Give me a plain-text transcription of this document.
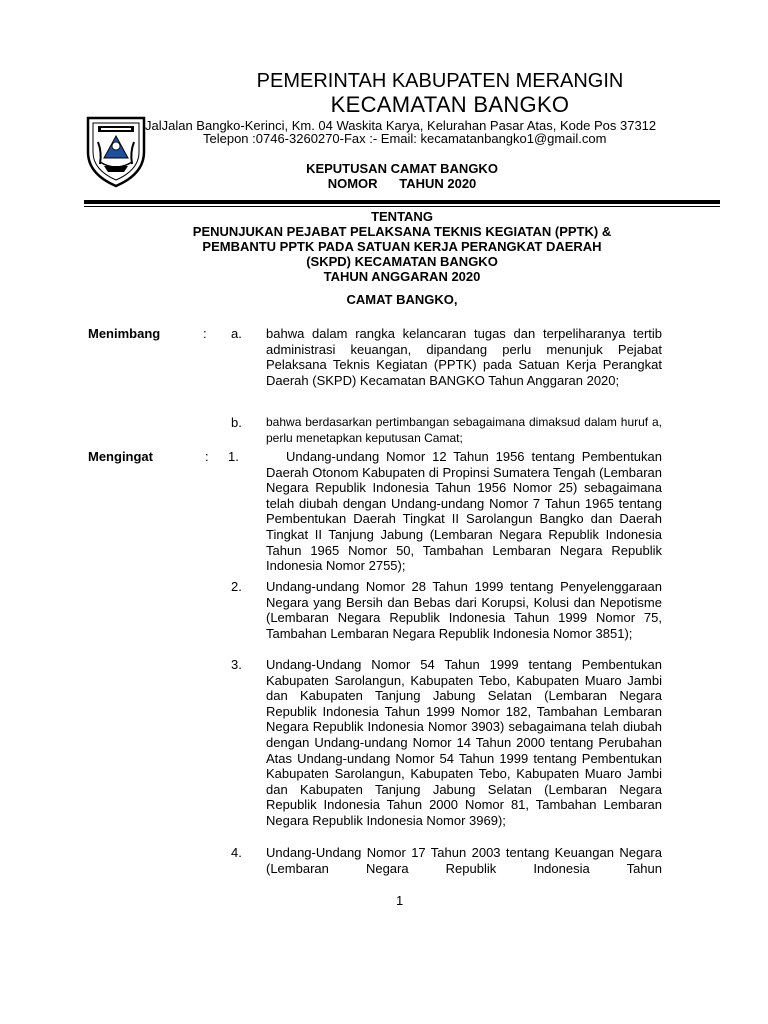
PEMERINTAH KABUPATEN MERANGIN
KECAMATAN BANGKO
JalJalan Bangko-Kerinci, Km. 04 Waskita Karya, Kelurahan Pasar Atas, Kode Pos 37312
Telepon :0746-3260270-Fax :- Email: kecamatanbangko1@gmail.com
KEPUTUSAN CAMAT BANGKO
NOMOR      TAHUN 2020
TENTANG
PENUNJUKAN PEJABAT PELAKSANA TEKNIS KEGIATAN (PPTK) &
PEMBANTU PPTK PADA SATUAN KERJA PERANGKAT DAERAH
(SKPD) KECAMATAN BANGKO
TAHUN ANGGARAN 2020
CAMAT BANGKO,
Menimbang	: a. bahwa dalam rangka kelancaran tugas dan terpeliharanya tertib administrasi keuangan, dipandang perlu menunjuk Pejabat Pelaksana Teknis Kegiatan (PPTK) pada Satuan Kerja Perangkat Daerah (SKPD) Kecamatan BANGKO Tahun Anggaran 2020;
b. bahwa berdasarkan pertimbangan sebagaimana dimaksud dalam huruf a, perlu menetapkan keputusan Camat;
Mengingat	: 1.	Undang-undang Nomor 12 Tahun 1956 tentang Pembentukan Daerah Otonom Kabupaten di Propinsi Sumatera Tengah (Lembaran Negara Republik Indonesia Tahun 1956 Nomor 25) sebagaimana telah diubah dengan Undang-undang Nomor 7 Tahun 1965 tentang Pembentukan Daerah Tingkat II Sarolangun Bangko dan Daerah Tingkat II Tanjung Jabung (Lembaran Negara Republik Indonesia Tahun 1965 Nomor 50, Tambahan Lembaran Negara Republik Indonesia Nomor 2755);
2. Undang-undang Nomor 28 Tahun 1999 tentang Penyelenggaraan Negara yang Bersih dan Bebas dari Korupsi, Kolusi dan Nepotisme (Lembaran Negara Republik Indonesia Tahun 1999 Nomor 75, Tambahan Lembaran Negara Republik Indonesia Nomor 3851);
3. Undang-Undang Nomor 54 Tahun 1999 tentang Pembentukan Kabupaten Sarolangun, Kabupaten Tebo, Kabupaten Muaro Jambi dan Kabupaten Tanjung Jabung Selatan (Lembaran Negara Republik Indonesia Tahun 1999 Nomor 182, Tambahan Lembaran Negara Republik Indonesia Nomor 3903) sebagaimana telah diubah dengan Undang-undang Nomor 14 Tahun 2000 tentang Perubahan Atas Undang-undang Nomor 54 Tahun 1999 tentang Pembentukan Kabupaten Sarolangun, Kabupaten Tebo, Kabupaten Muaro Jambi dan Kabupaten Tanjung Jabung Selatan (Lembaran Negara Republik Indonesia Tahun 2000 Nomor 81, Tambahan Lembaran Negara Republik Indonesia Nomor 3969);
4. Undang-Undang Nomor 17 Tahun 2003 tentang Keuangan Negara (Lembaran Negara Republik Indonesia Tahun
1
